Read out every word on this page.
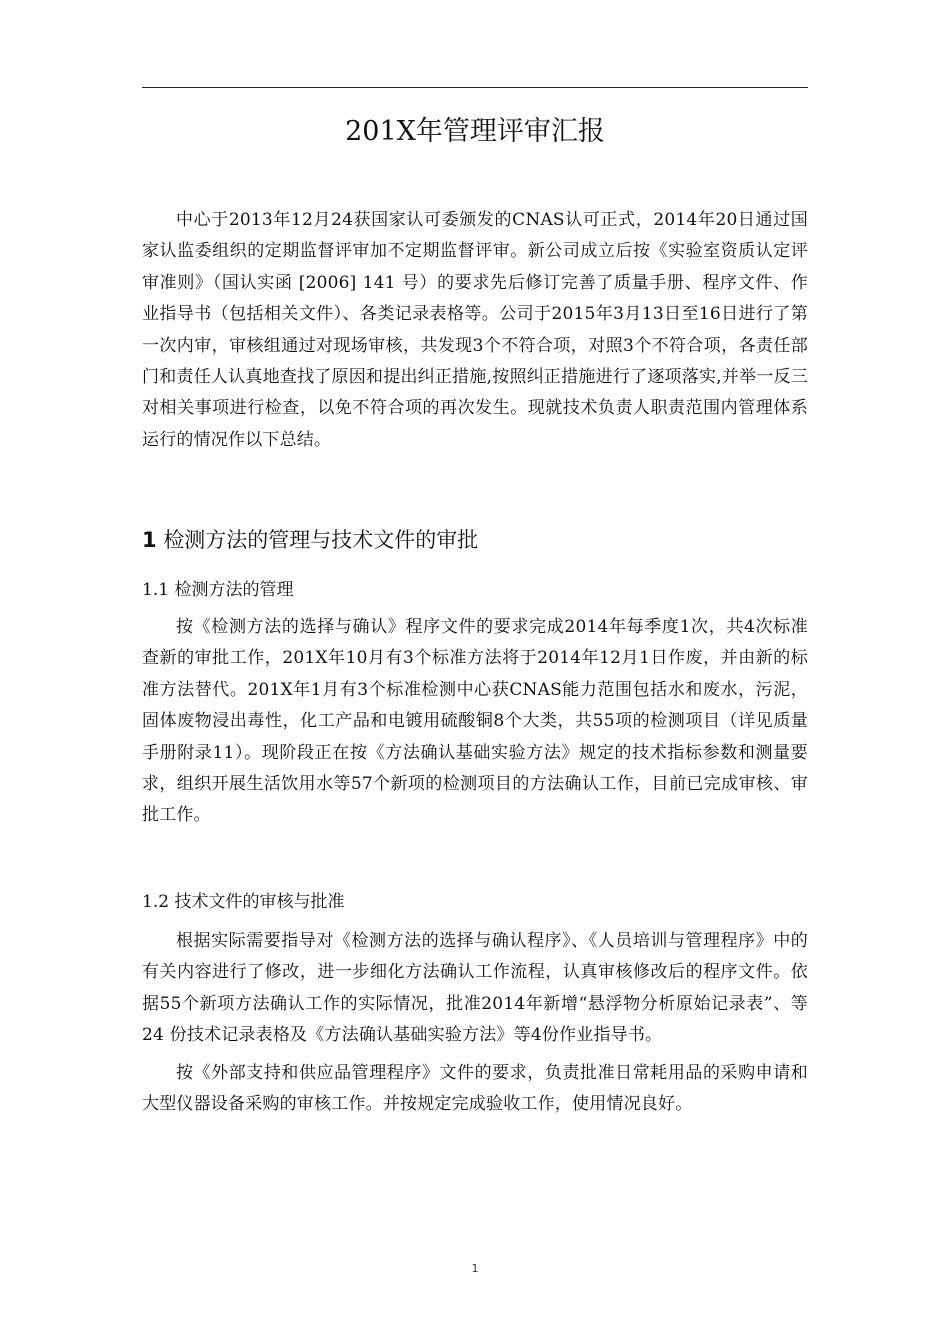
201X年管理评审汇报

中心于2013年12月24获国家认可委颁发的CNAS认可正式，2014年20日通过国家认监委组织的定期监督评审加不定期监督评审。新公司成立后按《实验室资质认定评审准则》（国认实函 [2006] 141 号）的要求先后修订完善了质量手册、程序文件、作业指导书（包括相关文件）、各类记录表格等。公司于2015年3月13日至16日进行了第一次内审，审核组通过对现场审核，共发现3个不符合项，对照3个不符合项，各责任部门和责任人认真地查找了原因和提出纠正措施,按照纠正措施进行了逐项落实,并举一反三对相关事项进行检查，以免不符合项的再次发生。现就技术负责人职责范围内管理体系运行的情况作以下总结。

1 检测方法的管理与技术文件的审批
1.1 检测方法的管理

按《检测方法的选择与确认》程序文件的要求完成2014年每季度1次，共4次标准查新的审批工作，201X年10月有3个标准方法将于2014年12月1日作废，并由新的标准方法替代。201X年1月有3个标准检测中心获CNAS能力范围包括水和废水，污泥，固体废物浸出毒性，化工产品和电镀用硫酸铜8个大类，共55项的检测项目（详见质量手册附录11）。现阶段正在按《方法确认基础实验方法》规定的技术指标参数和测量要求，组织开展生活饮用水等57个新项的检测项目的方法确认工作，目前已完成审核、审批工作。

1.2 技术文件的审核与批准

根据实际需要指导对《检测方法的选择与确认程序》、《人员培训与管理程序》中的有关内容进行了修改，进一步细化方法确认工作流程，认真审核修改后的程序文件。依据55个新项方法确认工作的实际情况，批准2014年新增“悬浮物分析原始记录表”、等 24 份技术记录表格及《方法确认基础实验方法》等4份作业指导书。

按《外部支持和供应品管理程序》文件的要求，负责批准日常耗用品的采购申请和大型仪器设备采购的审核工作。并按规定完成验收工作，使用情况良好。

1
